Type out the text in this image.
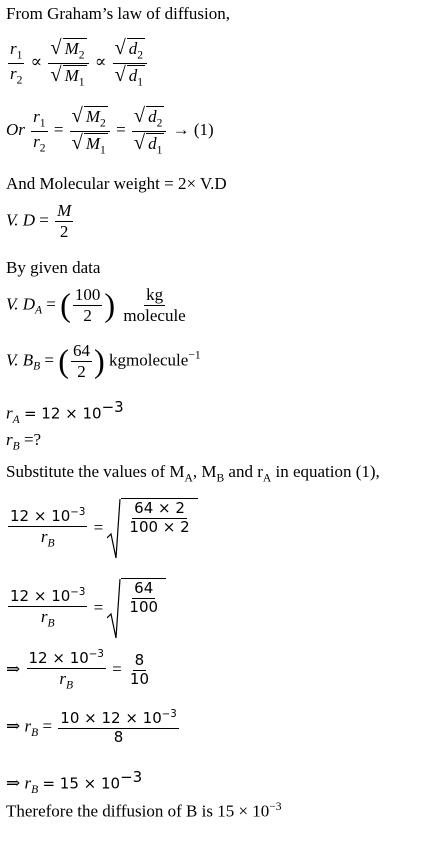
From Graham’s law of diffusion,
$\frac{r_1}{r_2} \propto \frac{√ M_2}{√ M_1} \propto \frac{√ d_2}{√ d_1}$
Or $\frac{r_1}{r_2} = \frac{√ M_2}{√ M_1} = \frac{√ d_2}{√ d_1} \to (1)$
And Molecular weight = 2× V.D
V. $D = \frac{M}{2}$
By given data
V. $D_A$ = ( $\frac{100}{2}$ ) $\frac{kg}{\text{molecule}}$
V. $B_B$ = ( $\frac{64}{2}$ ) kgmolecule$^{-1}$
$r_A = 12 \times 10^{-3}$
$r_B$ =?
Substitute the values of $M_A$, $M_B$ and $r_A$ in equation (1),
$\frac{12 \times 10^{-3}}{r_B} = \frac{64 \times 2}{100 \times 2}$
$\frac{12 \times 10^{-3}}{r_B} = \frac{64}{100}$
⇒ $\frac{12 \times 10^{-3}}{r_B} = \frac{8}{10}$
⇒ $r_B = \frac{10 \times 12 \times 10^{-3}}{8}$
⇒ $r_B = 15 \times 10^{-3}$
Therefore the diffusion of B is $15 \times 10^{-3}$
